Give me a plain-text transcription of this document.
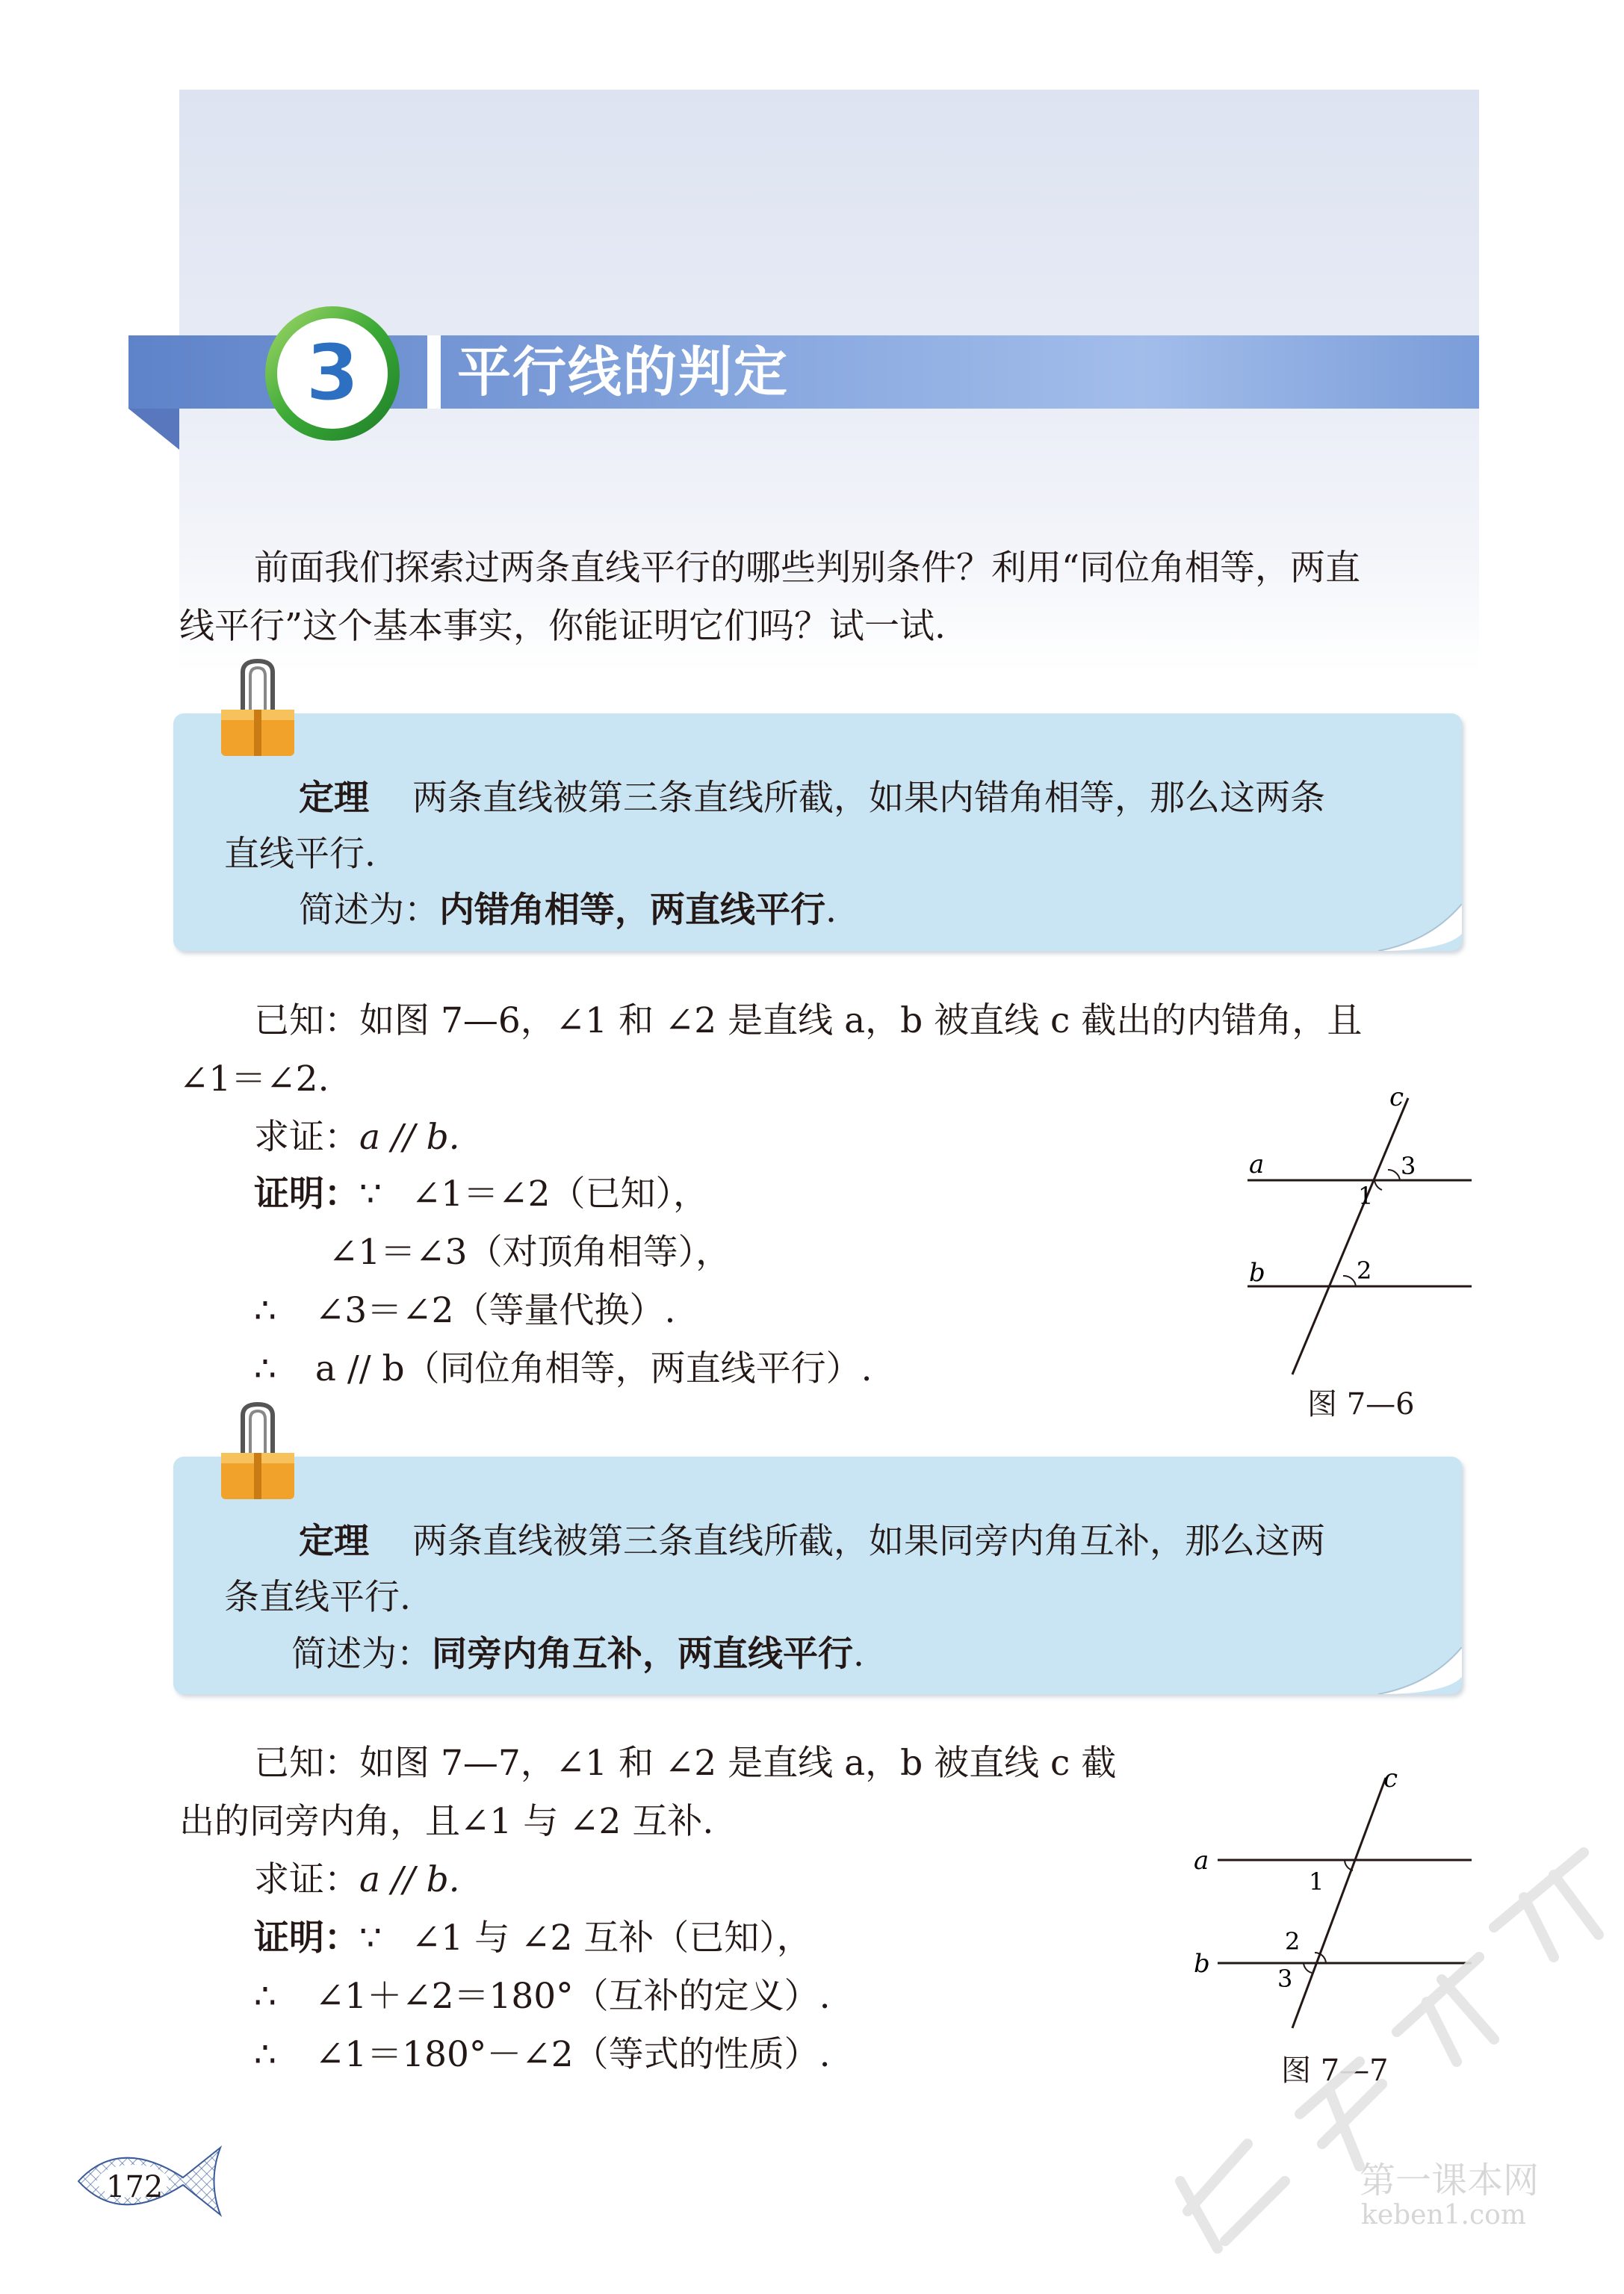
3 平行线的判定
前面我们探索过两条直线平行的哪些判别条件？利用“同位角相等，两直
线平行”这个基本事实，你能证明它们吗？试一试.
定理 两条直线被第三条直线所截，如果内错角相等，那么这两条
直线平行.
简述为：内错角相等，两直线平行.
已知：如图 7—6，∠1 和 ∠2 是直线 a，b 被直线 c 截出的内错角，且
∠1＝∠2.
求证：a // b.
证明：∵ ∠1＝∠2（已知），
∠1＝∠3（对顶角相等），
∴ ∠3＝∠2（等量代换）.
∴ a // b（同位角相等，两直线平行）.
a
b
c
3
1
2
图 7—6
定理 两条直线被第三条直线所截，如果同旁内角互补，那么这两
条直线平行.
简述为：同旁内角互补，两直线平行.
已知：如图 7—7，∠1 和 ∠2 是直线 a，b 被直线 c 截
出的同旁内角，且∠1 与 ∠2 互补.
求证：a // b.
证明：∵ ∠1 与 ∠2 互补（已知），
∴ ∠1＋∠2＝180°（互补的定义）.
∴ ∠1＝180°－∠2（等式的性质）.
a
b
c
1
2
3
图 7—7
172	第一课本网
keben1.com
